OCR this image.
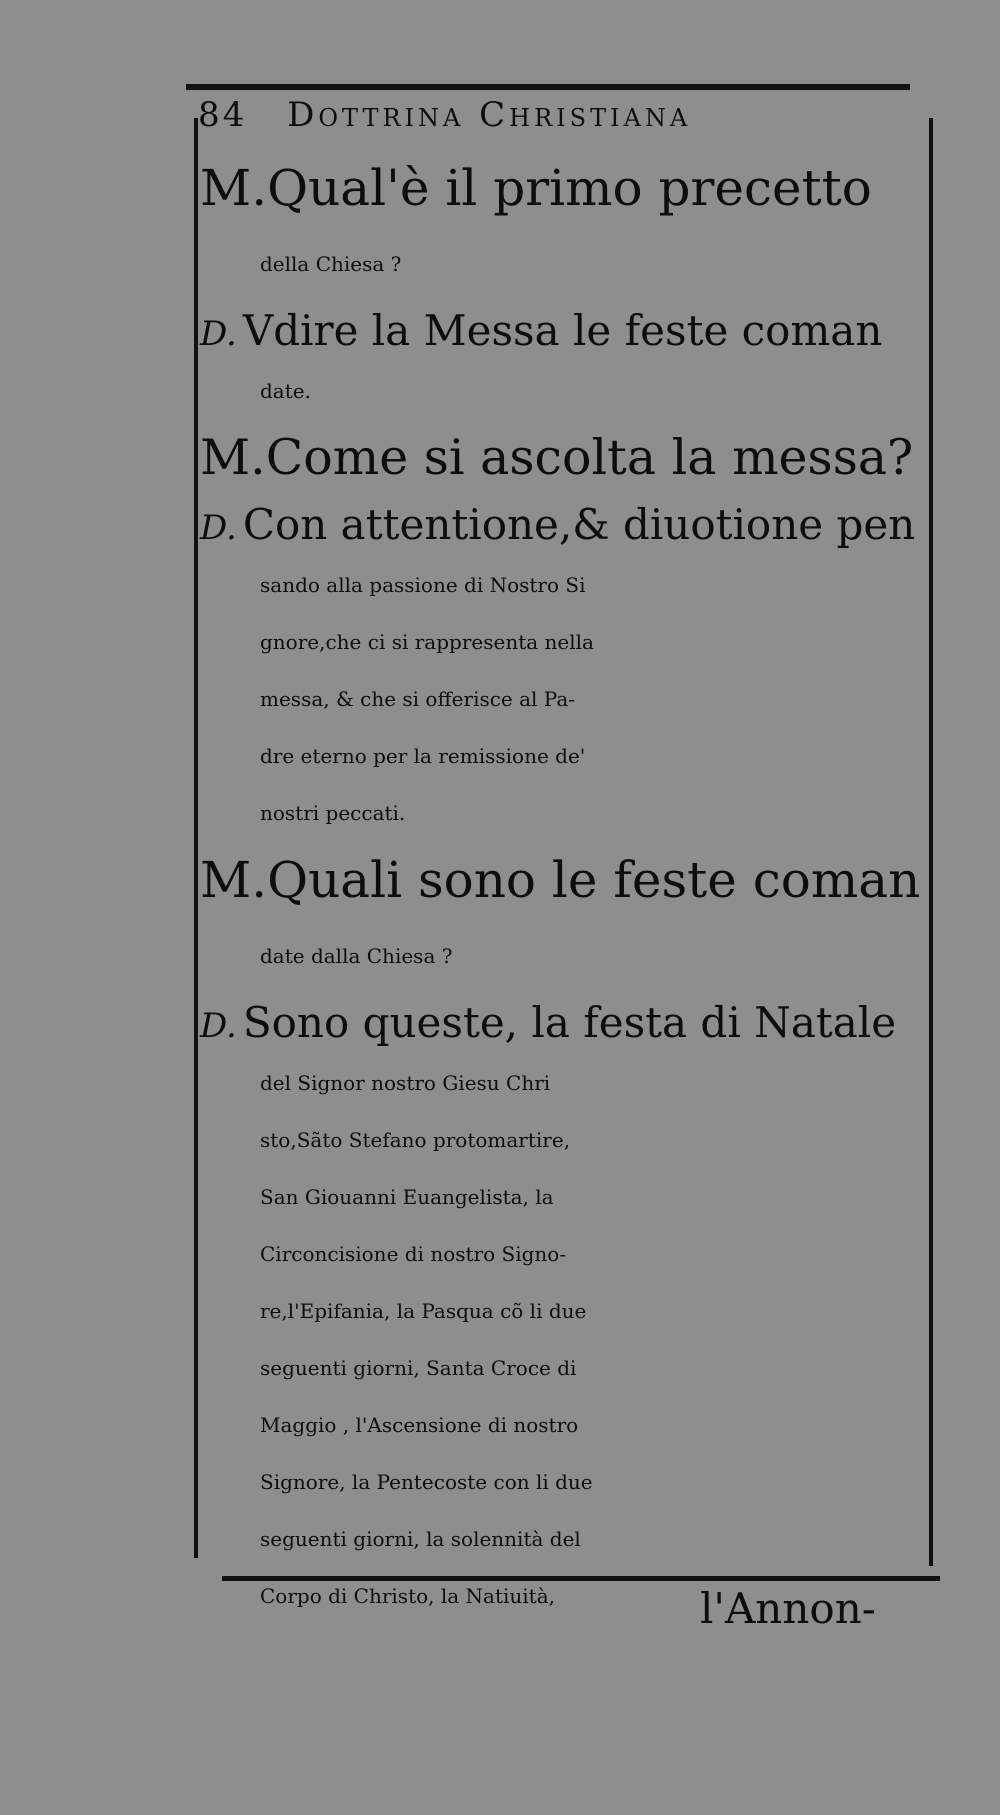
84 Dottrina Christiana
M.Qual'è il primo precetto
della Chiesa ?
D. Vdire la Messa le feste coman
date.
M.Come si ascolta la messa?
D. Con attentione,& diuotione pen
sando alla passione di Nostro Si
gnore,che ci si rappresenta nella
messa, & che si offerisce al Pa-
dre eterno per la remissione de'
nostri peccati.
M.Quali sono le feste coman
date dalla Chiesa ?
D. Sono queste, la festa di Natale
del Signor nostro Giesu Chri
sto,Sãto Stefano protomartire,
San Giouanni Euangelista, la
Circoncisione di nostro Signo-
re,l'Epifania, la Pasqua cõ li due
seguenti giorni, Santa Croce di
Maggio , l'Ascensione di nostro
Signore, la Pentecoste con li due
seguenti giorni, la solennità del
Corpo di Christo, la Natiuità,	l'Annon-
